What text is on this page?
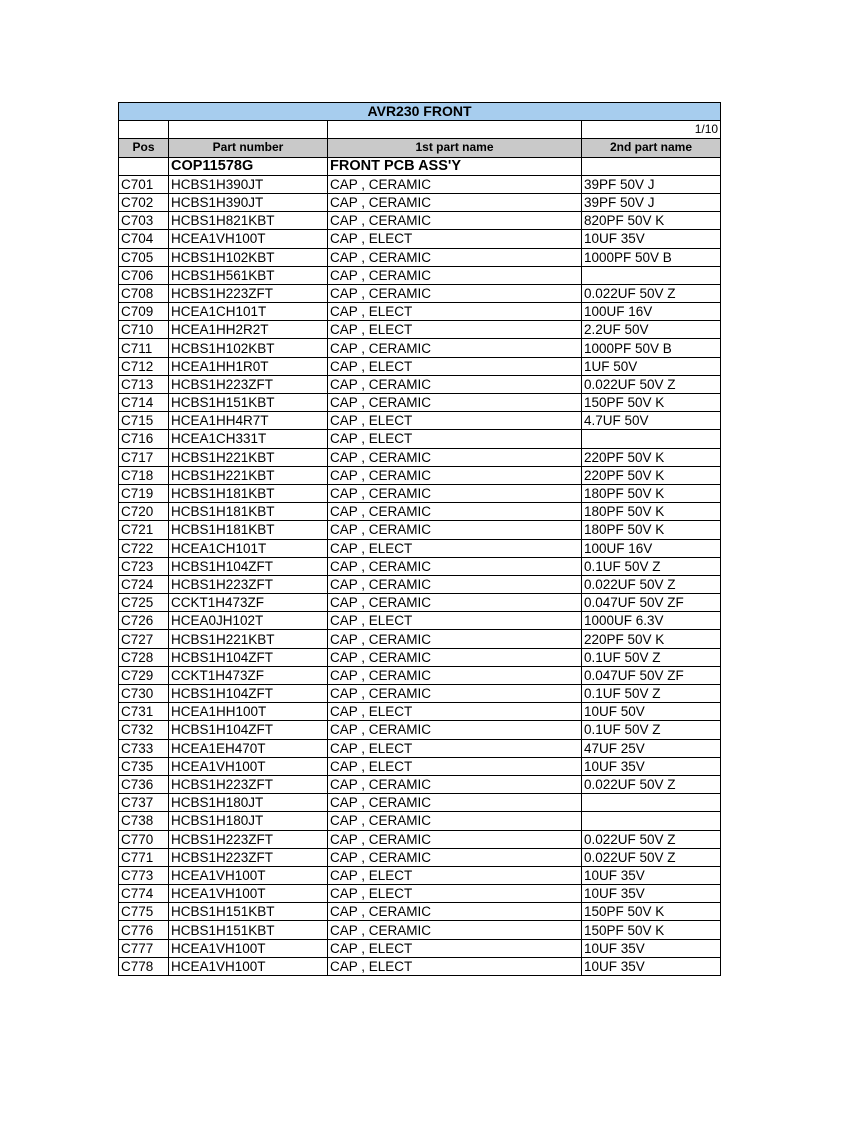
AVR230 FRONT			
			1/10
Pos	Part number	1st part name	2nd part name
	COP11578G	FRONT PCB ASS'Y	
C701	HCBS1H390JT	CAP , CERAMIC	39PF 50V J
C702	HCBS1H390JT	CAP , CERAMIC	39PF 50V J
C703	HCBS1H821KBT	CAP , CERAMIC	820PF 50V K
C704	HCEA1VH100T	CAP , ELECT	10UF 35V
C705	HCBS1H102KBT	CAP , CERAMIC	1000PF 50V B
C706	HCBS1H561KBT	CAP , CERAMIC	
C708	HCBS1H223ZFT	CAP , CERAMIC	0.022UF 50V Z
C709	HCEA1CH101T	CAP , ELECT	100UF 16V
C710	HCEA1HH2R2T	CAP , ELECT	2.2UF 50V
C711	HCBS1H102KBT	CAP , CERAMIC	1000PF 50V B
C712	HCEA1HH1R0T	CAP , ELECT	1UF 50V
C713	HCBS1H223ZFT	CAP , CERAMIC	0.022UF 50V Z
C714	HCBS1H151KBT	CAP , CERAMIC	150PF 50V K
C715	HCEA1HH4R7T	CAP , ELECT	4.7UF 50V
C716	HCEA1CH331T	CAP , ELECT	
C717	HCBS1H221KBT	CAP , CERAMIC	220PF 50V K
C718	HCBS1H221KBT	CAP , CERAMIC	220PF 50V K
C719	HCBS1H181KBT	CAP , CERAMIC	180PF 50V K
C720	HCBS1H181KBT	CAP , CERAMIC	180PF 50V K
C721	HCBS1H181KBT	CAP , CERAMIC	180PF 50V K
C722	HCEA1CH101T	CAP , ELECT	100UF 16V
C723	HCBS1H104ZFT	CAP , CERAMIC	0.1UF 50V Z
C724	HCBS1H223ZFT	CAP , CERAMIC	0.022UF 50V Z
C725	CCKT1H473ZF	CAP , CERAMIC	0.047UF 50V ZF
C726	HCEA0JH102T	CAP , ELECT	1000UF 6.3V
C727	HCBS1H221KBT	CAP , CERAMIC	220PF 50V K
C728	HCBS1H104ZFT	CAP , CERAMIC	0.1UF 50V Z
C729	CCKT1H473ZF	CAP , CERAMIC	0.047UF 50V ZF
C730	HCBS1H104ZFT	CAP , CERAMIC	0.1UF 50V Z
C731	HCEA1HH100T	CAP , ELECT	10UF 50V
C732	HCBS1H104ZFT	CAP , CERAMIC	0.1UF 50V Z
C733	HCEA1EH470T	CAP , ELECT	47UF 25V
C735	HCEA1VH100T	CAP , ELECT	10UF 35V
C736	HCBS1H223ZFT	CAP , CERAMIC	0.022UF 50V Z
C737	HCBS1H180JT	CAP , CERAMIC	
C738	HCBS1H180JT	CAP , CERAMIC	
C770	HCBS1H223ZFT	CAP , CERAMIC	0.022UF 50V Z
C771	HCBS1H223ZFT	CAP , CERAMIC	0.022UF 50V Z
C773	HCEA1VH100T	CAP , ELECT	10UF 35V
C774	HCEA1VH100T	CAP , ELECT	10UF 35V
C775	HCBS1H151KBT	CAP , CERAMIC	150PF 50V K
C776	HCBS1H151KBT	CAP , CERAMIC	150PF 50V K
C777	HCEA1VH100T	CAP , ELECT	10UF 35V
C778	HCEA1VH100T	CAP , ELECT	10UF 35V
